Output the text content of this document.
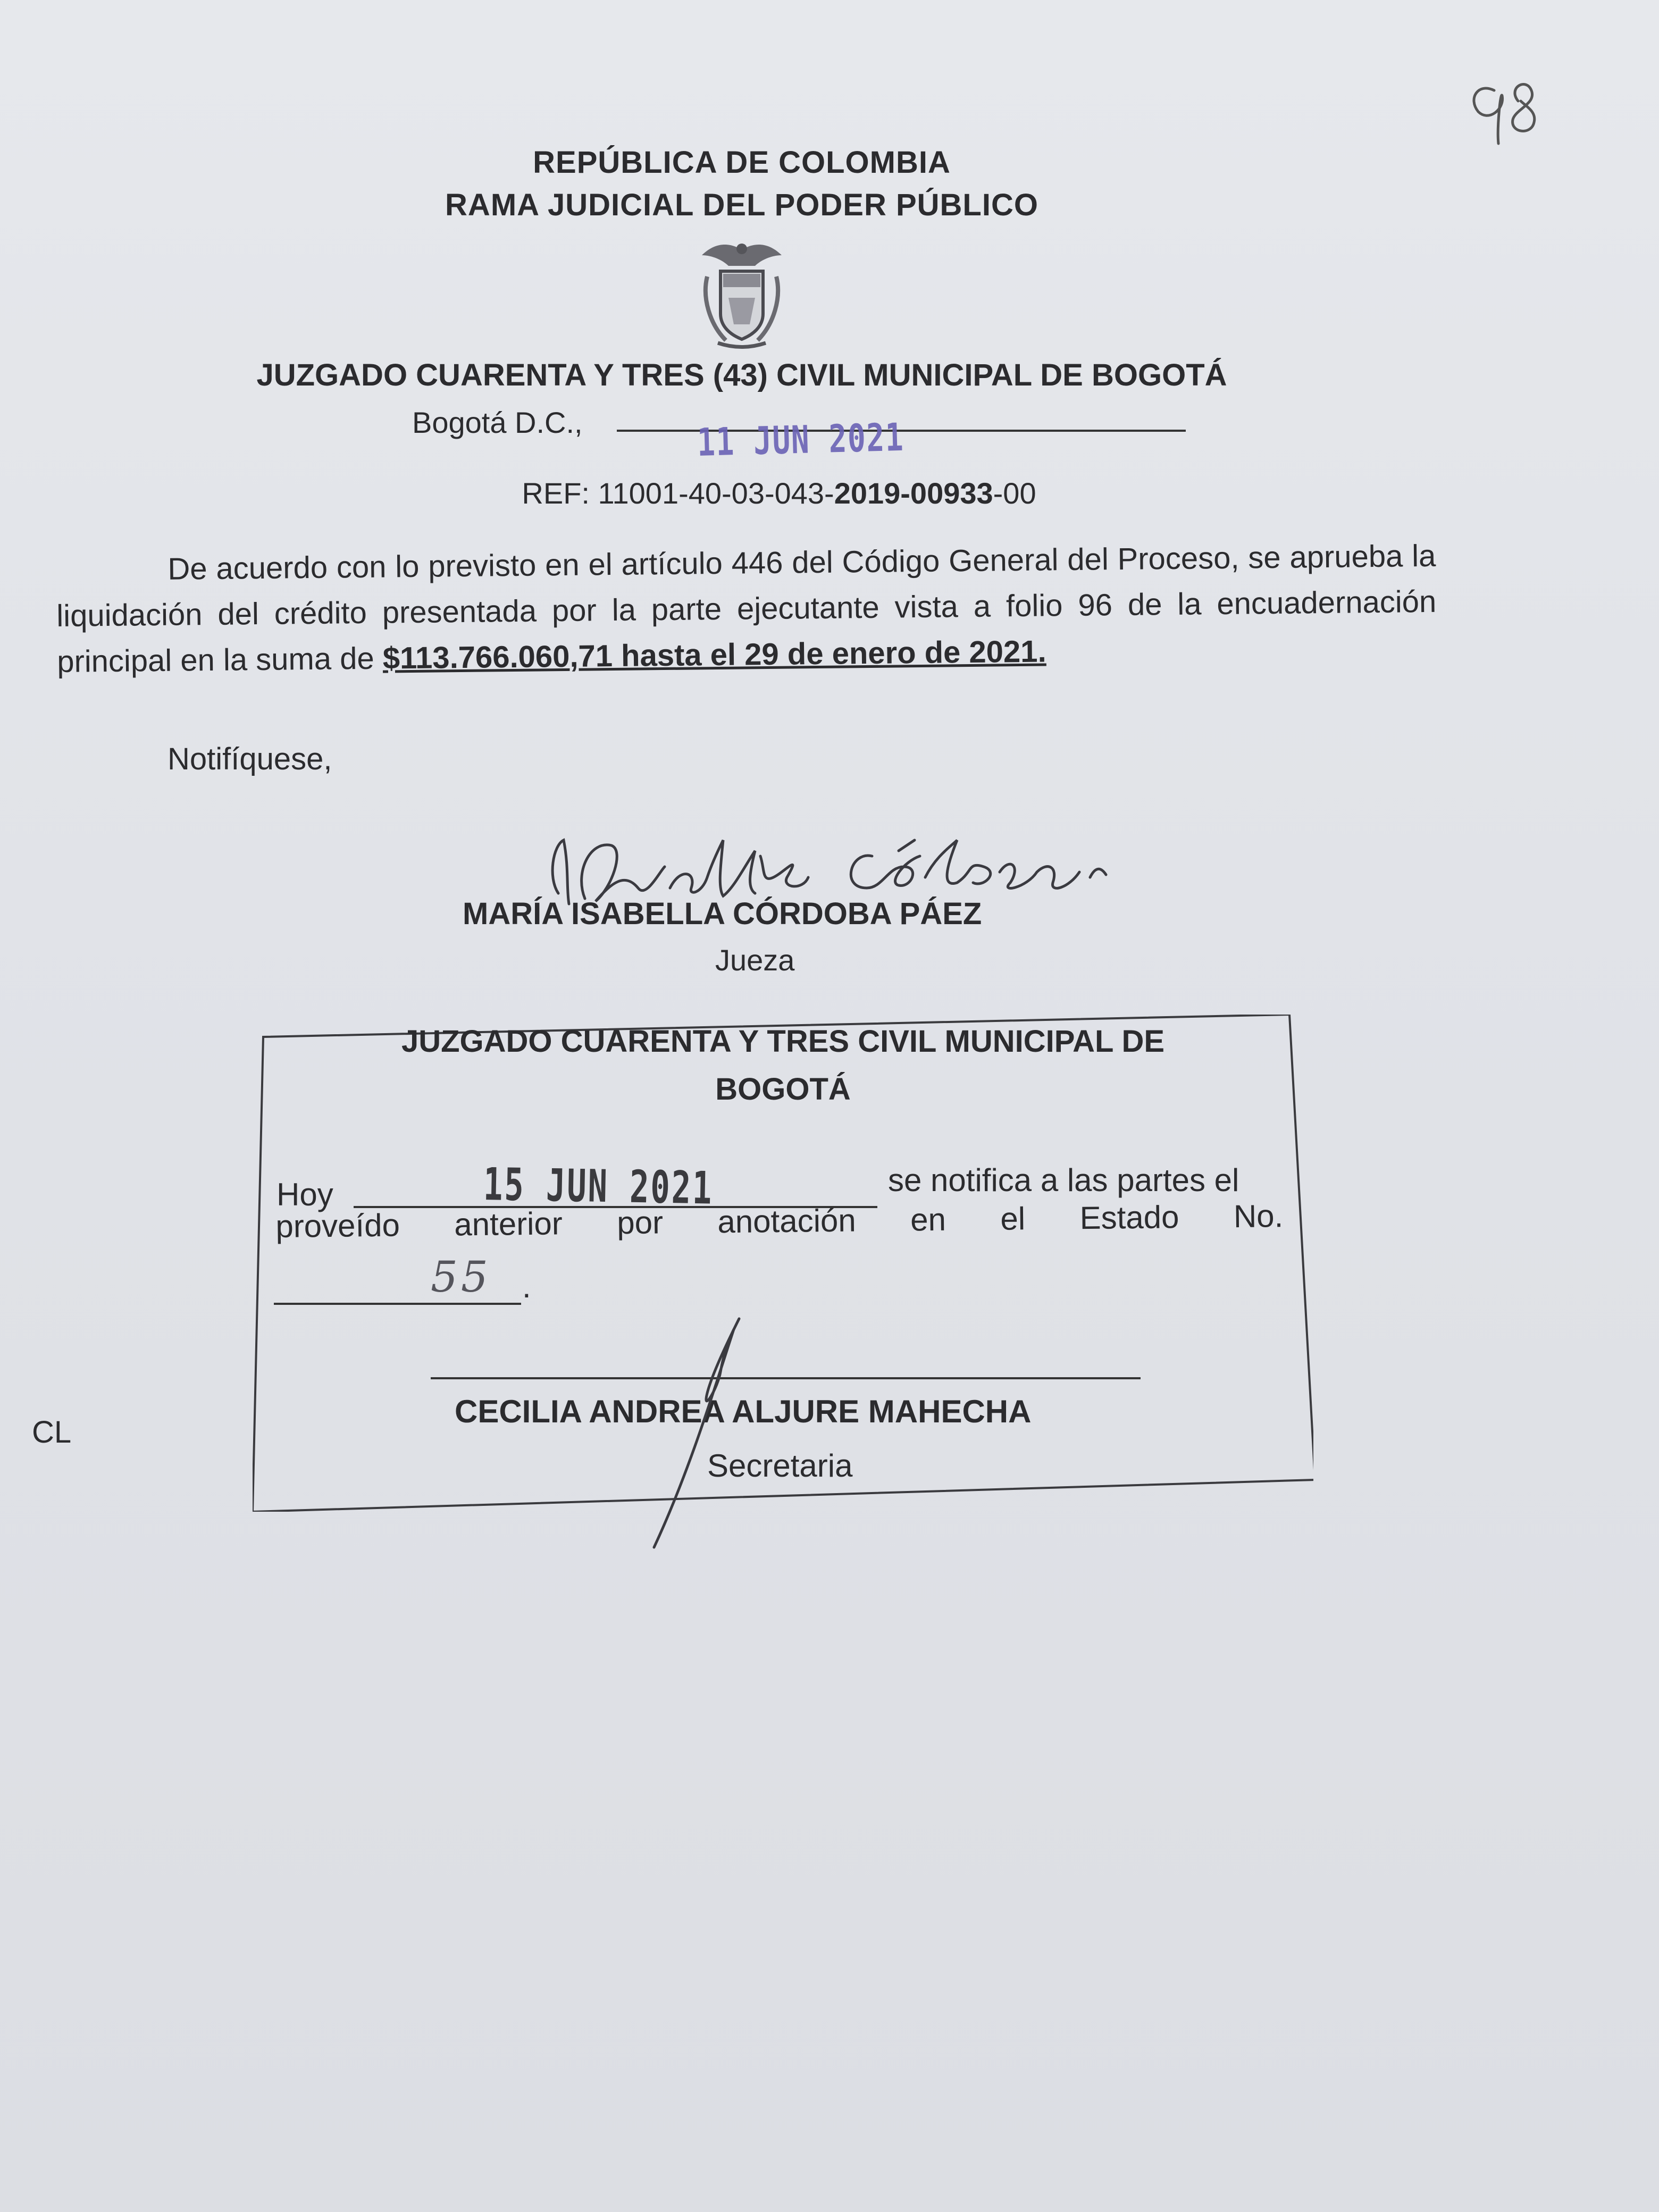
REPÚBLICA DE COLOMBIA
RAMA JUDICIAL DEL PODER PÚBLICO
JUZGADO CUARENTA Y TRES (43) CIVIL MUNICIPAL DE BOGOTÁ
Bogotá D.C.,	11 JUN 2021
REF: 11001-40-03-043-2019-00933-00
De acuerdo con lo previsto en el artículo 446 del Código General del Proceso, se aprueba la liquidación del crédito presentada por la parte ejecutante vista a folio 96 de la encuadernación principal en la suma de $113.766.060,71 hasta el 29 de enero de 2021.
Notifíquese,
MARÍA ISABELLA CÓRDOBA PÁEZ
Jueza
JUZGADO CUARENTA Y TRES CIVIL MUNICIPAL DE
BOGOTÁ
Hoy	15 JUN 2021	se notifica a las partes el
proveído anterior por anotación en el Estado No.
55 .
CECILIA ANDREA ALJURE MAHECHA
Secretaria
CL
